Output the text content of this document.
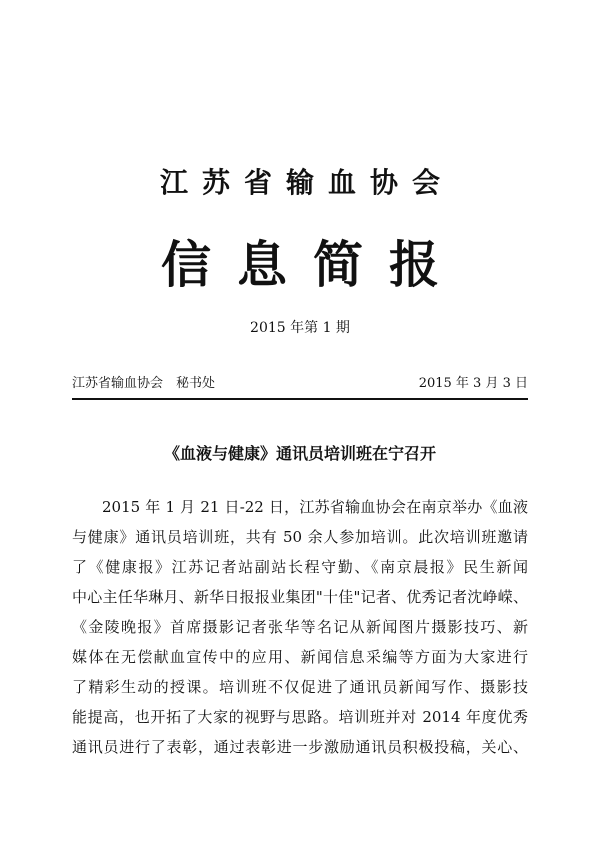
江苏省输血协会
信息简报
2015 年第 1 期
江苏省输血协会　秘书处	2015 年 3 月 3 日
《血液与健康》通讯员培训班在宁召开
2015 年 1 月 21 日-22 日，江苏省输血协会在南京举办《血液
与健康》通讯员培训班，共有 50 余人参加培训。此次培训班邀请
了《健康报》江苏记者站副站长程守勤、《南京晨报》民生新闻
中心主任华琳月、新华日报报业集团"十佳"记者、优秀记者沈峥嵘、
《金陵晚报》首席摄影记者张华等名记从新闻图片摄影技巧、新
媒体在无偿献血宣传中的应用、新闻信息采编等方面为大家进行
了精彩生动的授课。培训班不仅促进了通讯员新闻写作、摄影技
能提高，也开拓了大家的视野与思路。培训班并对 2014 年度优秀
通讯员进行了表彰，通过表彰进一步激励通讯员积极投稿，关心、
